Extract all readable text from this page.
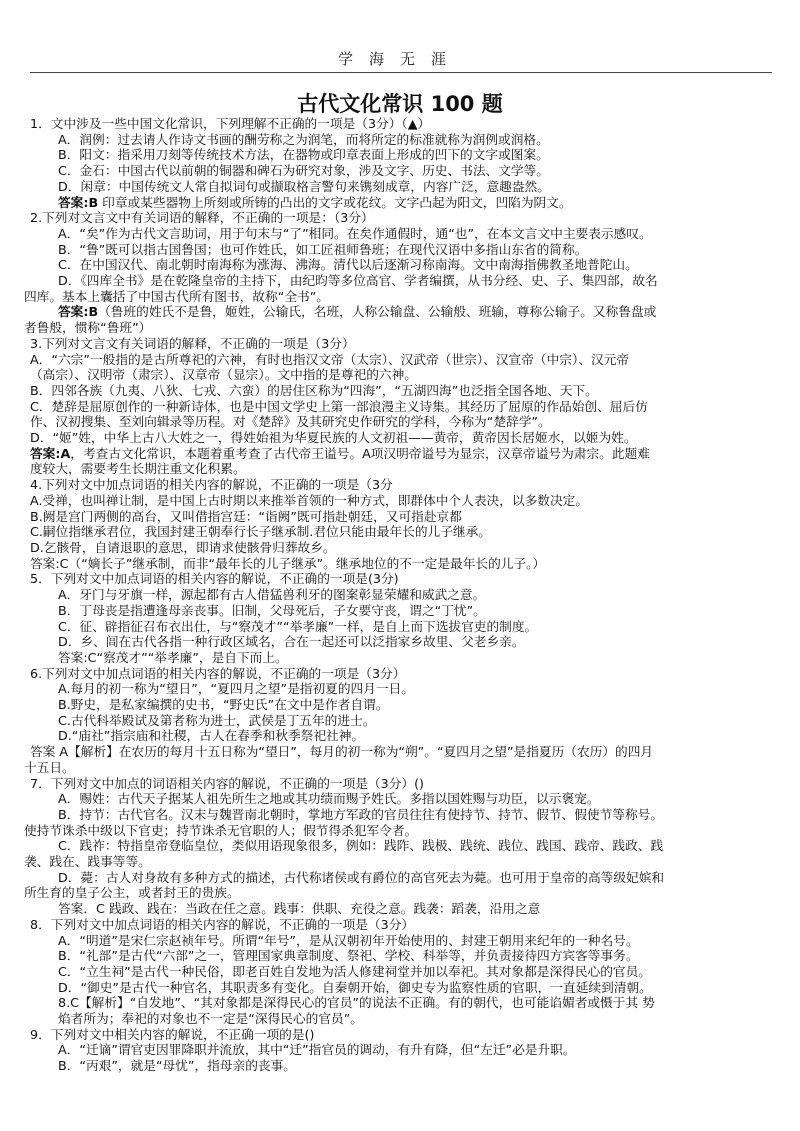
学海无涯
古代文化常识 100 题
1．文中涉及一些中国文化常识，下列理解不正确的一项是（3分）（▲）
A．润例：过去请人作诗文书画的酬劳称之为润笔，而将所定的标准就称为润例或润格。
B．阳文：指采用刀刻等传统技术方法，在器物或印章表面上形成的凹下的文字或图案。
C．金石：中国古代以前朝的铜器和碑石为研究对象，涉及文字、历史、书法、文学等。
D．闲章：中国传统文人常自拟词句或撷取格言警句来镌刻成章，内容广泛，意趣盎然。
答案:B 印章或某些器物上所刻或所铸的凸出的文字或花纹。文字凸起为阳文，凹陷为阴文。
2.下列对文言文中有关词语的解释，不正确的一项是：（3分）
A．“矣”作为古代文言助词，用于句末与“了”相同。在矣作通假时，通“也”，在本文言文中主要表示感叹。
B．“鲁”既可以指古国鲁国；也可作姓氏，如工匠祖师鲁班；在现代汉语中多指山东省的简称。
C．在中国汉代、南北朝时南海称为涨海、沸海。清代以后逐渐习称南海。文中南海指佛教圣地普陀山。
D．《四库全书》是在乾隆皇帝的主持下，由纪昀等多位高官、学者编撰，从书分经、史、子、集四部，故名
四库。基本上囊括了中国古代所有图书，故称“全书”。
答案:B（鲁班的姓氏不是鲁，姬姓，公输氏，名班，人称公输盘、公输般、班输，尊称公输子。又称鲁盘或
者鲁般，惯称“鲁班”）
3.下列对文言文有关词语的解释，不正确的一项是（3分）
A．“六宗”一般指的是古所尊祀的六神，有时也指汉文帝（太宗）、汉武帝（世宗）、汉宣帝（中宗）、汉元帝
（高宗）、汉明帝（肃宗）、汉章帝（显宗）。文中指的是尊祀的六神。
B．四邻各族（九夷、八狄、七戎、六蛮）的居住区称为“四海”，“五湖四海”也泛指全国各地、天下。
C．楚辞是屈原创作的一种新诗体，也是中国文学史上第一部浪漫主义诗集。其经历了屈原的作品始创、屈后仿
作、汉初搜集、至刘向辑录等历程。对《楚辞》及其研究史作研究的学科，今称为“楚辞学”。
D．“姬”姓，中华上古八大姓之一，得姓始祖为华夏民族的人文初祖——黄帝，黄帝因长居姬水，以姬为姓。
答案:A，考查古文化常识，本题着重考查了古代帝王谥号。A项汉明帝谥号为显宗，汉章帝谥号为肃宗。此题难
度较大，需要考生长期注重文化积累。
4.下列对文中加点词语的相关内容的解说，不正确的一项是（3分
A.受禅，也叫禅让制，是中国上古时期以来推举首领的一种方式，即群体中个人表决，以多数决定。
B.阙是宫门两侧的高台，又叫借指宫廷：“诣阙”既可指赴朝廷，又可指赴京都
C.嗣位指继承君位，我国封建王朝奉行长子继承制.君位只能由最年长的儿子继承。
D.乞骸骨，自请退职的意思，即请求使骸骨归葬故乡。
答案:C（“嫡长子”继承制，而非“最年长的儿子继承”。继承地位的不一定是最年长的儿子。）
5．下列对文中加点词语的相关内容的解说，不正确的一项是(3分)
A．牙门与牙旗一样，源起都有古人借猛兽利牙的图案彰显荣耀和威武之意。
B．丁母丧是指遭逢母亲丧事。旧制，父母死后，子女要守丧，谓之“丁忧”。
C．征、辟指征召布衣出仕，与“察茂才”“举孝廉”一样，是自上而下选拔官吏的制度。
D．乡、闾在古代各指一种行政区域名，合在一起还可以泛指家乡故里、父老乡亲。
答案:C“察茂才”“举孝廉”，是自下而上。
6.下列对文中加点词语的相关内容的解说，不正确的一项是（3分）
A.每月的初一称为“望日”，“夏四月之望”是指初夏的四月一日。
B.野史，是私家编撰的史书，“野史氏”在文中是作者自谓。
C.古代科举殿试及第者称为进士，武侯是丁五年的进士。
D.“庙社”指宗庙和社稷，古人在春季和秋季祭祀社神。
答案 A【解析】在农历的每月十五日称为“望日”，每月的初一称为“朔”。“夏四月之望”是指夏历（农历）的四月
十五日。
7．下列对文中加点的词语相关内容的解说，不正确的一项是（3分）()
A．赐姓：古代天子据某人祖先所生之地或其功绩而赐予姓氏。多指以国姓赐与功臣，以示褒宠。
B．持节：古代官名。汉末与魏晋南北朝时，掌地方军政的官员往往有使持节、持节、假节、假使节等称号。
使持节诛杀中级以下官吏；持节诛杀无官职的人；假节得杀犯军令者。
C．践祚：特指皇帝登临皇位，类似用语现象很多，例如：践阼、践极、践统、践位、践国、践帝、践政、践
袭、践在、践事等等。
D．薨：古人对身故有多种方式的描述，古代称诸侯或有爵位的高官死去为薨。也可用于皇帝的高等级妃嫔和
所生育的皇子公主，或者封王的贵族。
答案．C 践政、践在：当政在任之意。践事：供职、充役之意。践袭：蹈袭，沿用之意
8．下列对文中加点词语的相关内容的解说，不正确的一项是（3分）
A．“明道”是宋仁宗赵祯年号。所谓“年号”，是从汉朝初年开始使用的、封建王朝用来纪年的一种名号。
B．“礼部”是古代“六部”之一，管理国家典章制度、祭祀、学校、科举等，并负责接待四方宾客等事务。
C．“立生祠”是古代一种民俗，即老百姓自发地为活人修建祠堂并加以奉祀。其对象都是深得民心的官员。
D．“御史”是古代一种官名，其职责多有变化。自秦朝开始，御史专为监察性质的官职，一直延续到清朝。
8.C【解析】“自发地”、“其对象都是深得民心的官员”的说法不正确。有的朝代，也可能谄媚者或慑于其 势
焰者所为；奉祀的对象也不一定是“深得民心的官员”。
9．下列对文中相关内容的解说，不正确一项的是()
A．“迁谪”谓官吏因罪降职并流放，其中“迁”指官员的调动，有升有降，但“左迁”必是升职。
B．“丙艰”，就是“母忧”，指母亲的丧事。
